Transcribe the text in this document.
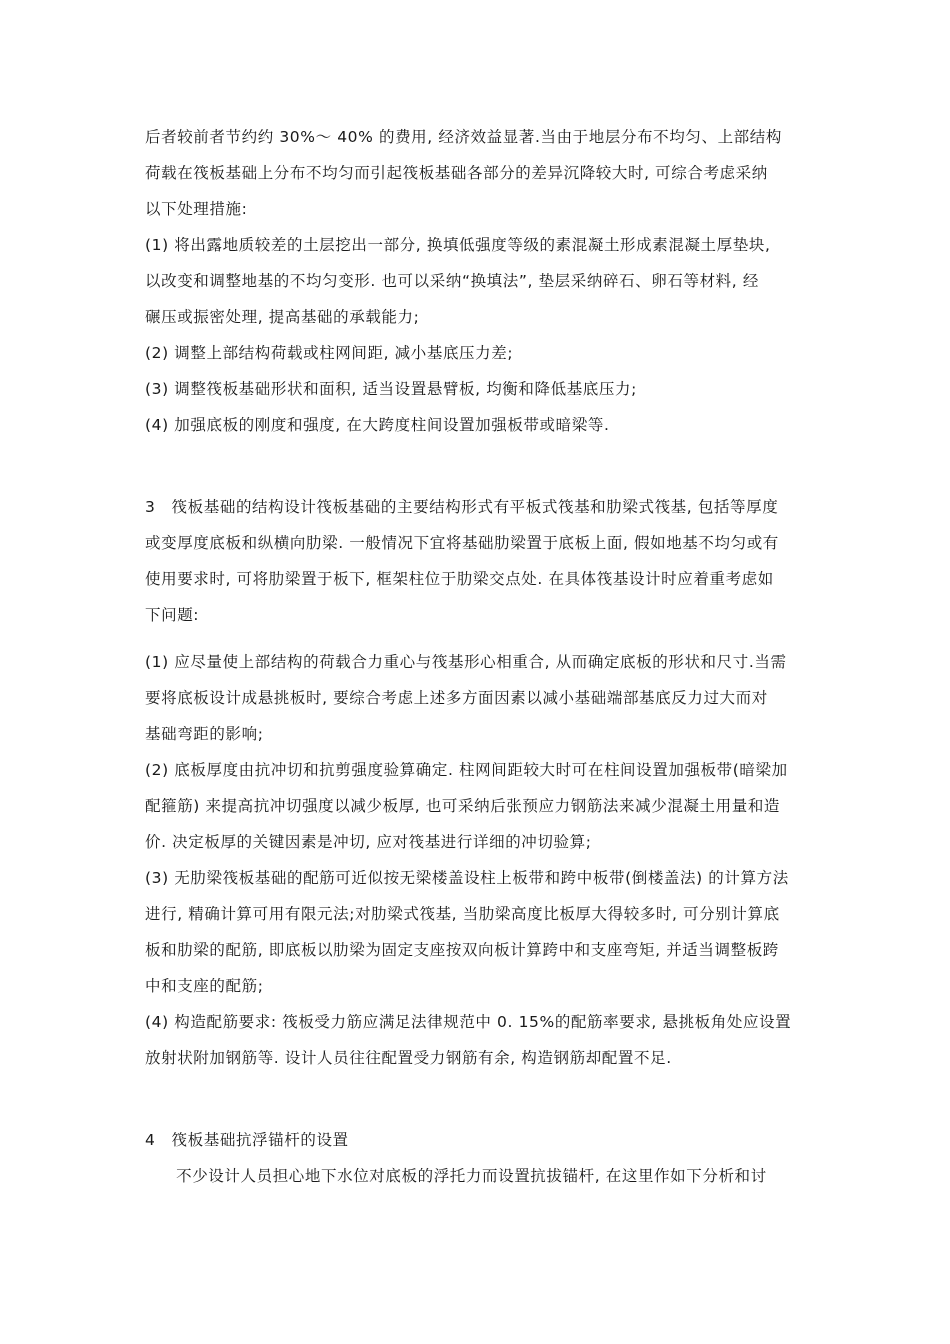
后者较前者节约约 30%～ 40% 的费用, 经济效益显著.当由于地层分布不均匀、上部结构
荷载在筏板基础上分布不均匀而引起筏板基础各部分的差异沉降较大时, 可综合考虑采纳
以下处理措施:
(1) 将出露地质较差的土层挖出一部分, 换填低强度等级的素混凝土形成素混凝土厚垫块,
以改变和调整地基的不均匀变形. 也可以采纳“换填法”, 垫层采纳碎石、卵石等材料, 经
碾压或振密处理, 提高基础的承载能力;
(2) 调整上部结构荷载或柱网间距, 减小基底压力差;
(3) 调整筏板基础形状和面积, 适当设置悬臂板, 均衡和降低基底压力;
(4) 加强底板的刚度和强度, 在大跨度柱间设置加强板带或暗梁等.
3　筏板基础的结构设计筏板基础的主要结构形式有平板式筏基和肋梁式筏基, 包括等厚度
或变厚度底板和纵横向肋梁. 一般情况下宜将基础肋梁置于底板上面, 假如地基不均匀或有
使用要求时, 可将肋梁置于板下, 框架柱位于肋梁交点处. 在具体筏基设计时应着重考虑如
下问题:
(1) 应尽量使上部结构的荷载合力重心与筏基形心相重合, 从而确定底板的形状和尺寸.当需
要将底板设计成悬挑板时, 要综合考虑上述多方面因素以减小基础端部基底反力过大而对
基础弯距的影响;
(2) 底板厚度由抗冲切和抗剪强度验算确定. 柱网间距较大时可在柱间设置加强板带(暗梁加
配箍筋) 来提高抗冲切强度以减少板厚, 也可采纳后张预应力钢筋法来减少混凝土用量和造
价. 决定板厚的关键因素是冲切, 应对筏基进行详细的冲切验算;
(3) 无肋梁筏板基础的配筋可近似按无梁楼盖设柱上板带和跨中板带(倒楼盖法) 的计算方法
进行, 精确计算可用有限元法;对肋梁式筏基, 当肋梁高度比板厚大得较多时, 可分别计算底
板和肋梁的配筋, 即底板以肋梁为固定支座按双向板计算跨中和支座弯矩, 并适当调整板跨
中和支座的配筋;
(4) 构造配筋要求: 筏板受力筋应满足法律规范中 0. 15%的配筋率要求, 悬挑板角处应设置
放射状附加钢筋等. 设计人员往往配置受力钢筋有余, 构造钢筋却配置不足.
4　筏板基础抗浮锚杆的设置
　不少设计人员担心地下水位对底板的浮托力而设置抗拔锚杆, 在这里作如下分析和讨
